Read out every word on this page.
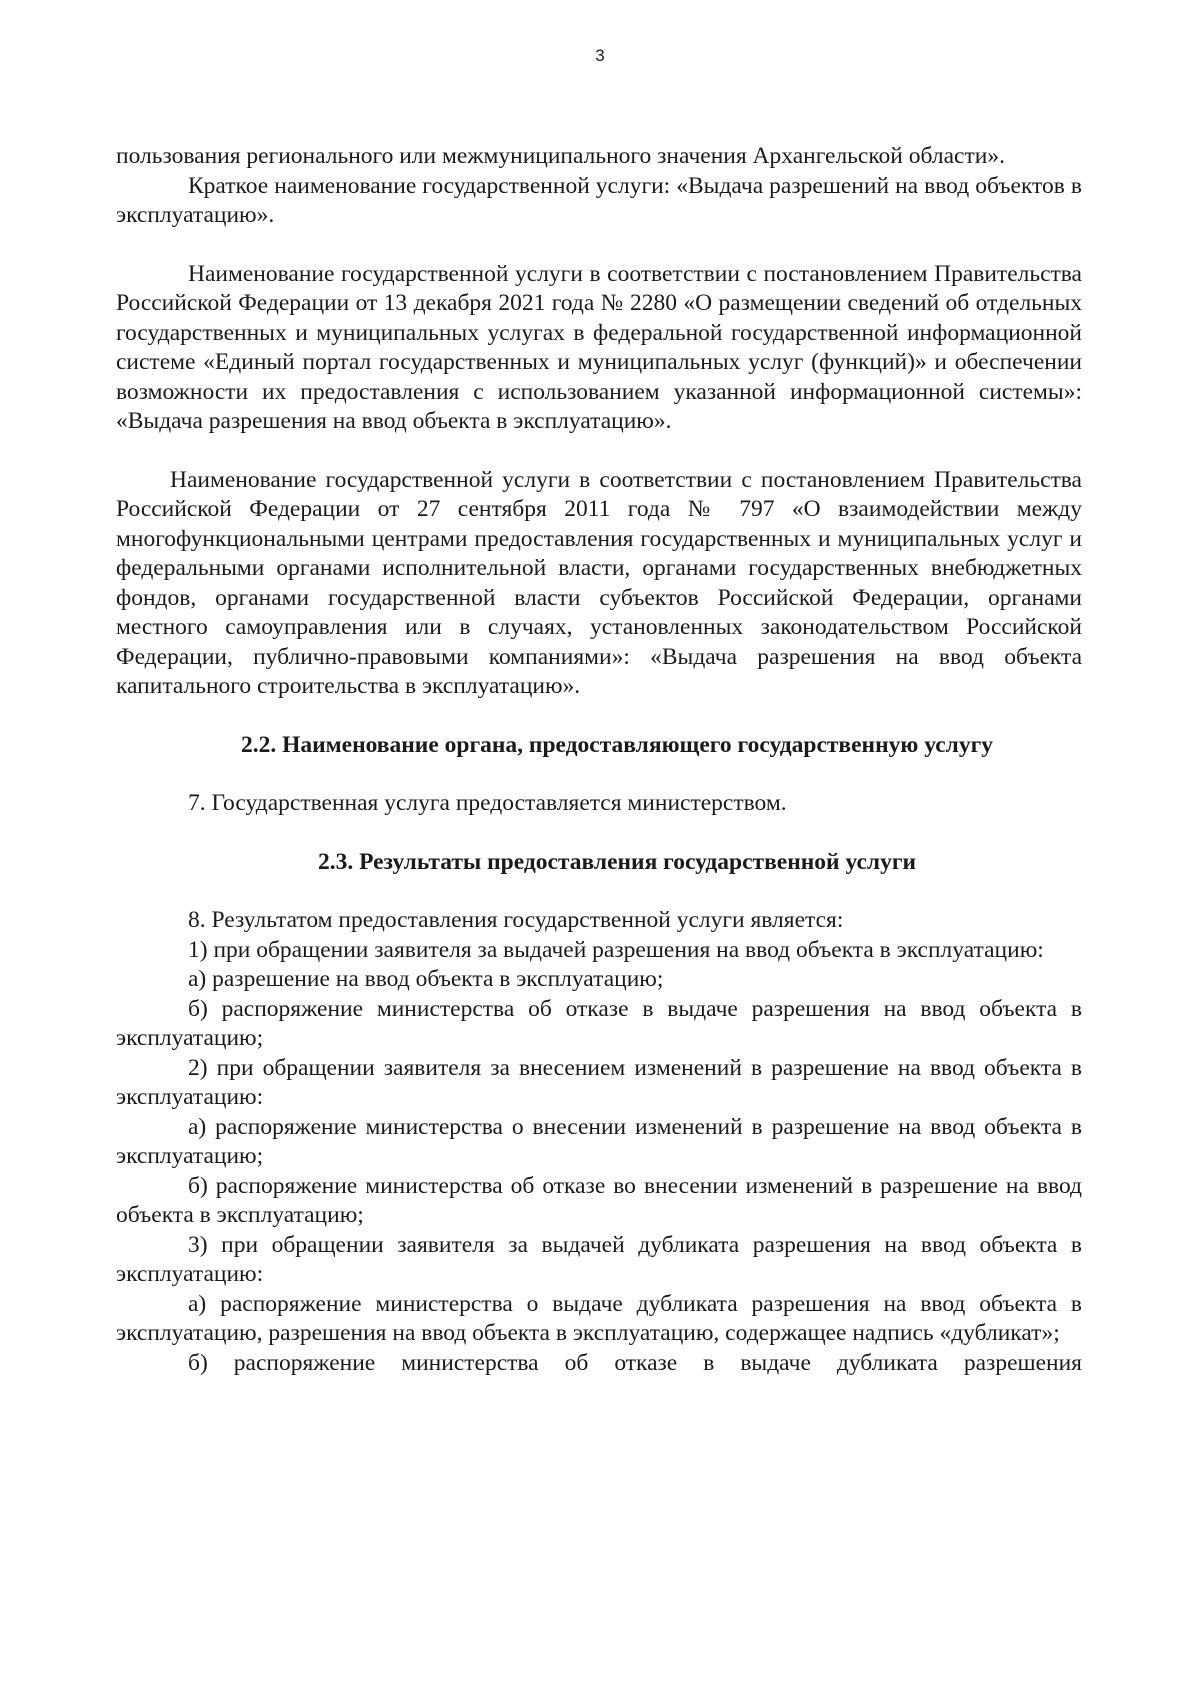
3

пользования регионального или межмуниципального значения Архангельской области».

Краткое наименование государственной услуги: «Выдача разрешений на ввод объектов в эксплуатацию».

Наименование государственной услуги в соответствии с постановлением Правительства Российской Федерации от 13 декабря 2021 года № 2280 «О размещении сведений об отдельных государственных и муниципальных услугах в федеральной государственной информационной системе «Единый портал государственных и муниципальных услуг (функций)» и обеспечении возможности их предоставления с использованием указанной информационной системы»: «Выдача разрешения на ввод объекта в эксплуатацию».

Наименование государственной услуги в соответствии с постановлением Правительства Российской Федерации от 27 сентября 2011 года № 797 «О взаимодействии между многофункциональными центрами предоставления государственных и муниципальных услуг и федеральными органами исполнительной власти, органами государственных внебюджетных фондов, органами государственной власти субъектов Российской Федерации, органами местного самоуправления или в случаях, установленных законодательством Российской Федерации, публично-правовыми компаниями»: «Выдача разрешения на ввод объекта капитального строительства в эксплуатацию».

2.2. Наименование органа, предоставляющего государственную услугу

7. Государственная услуга предоставляется министерством.

2.3. Результаты предоставления государственной услуги

8. Результатом предоставления государственной услуги является:

1) при обращении заявителя за выдачей разрешения на ввод объекта в эксплуатацию:

а) разрешение на ввод объекта в эксплуатацию;

б) распоряжение министерства об отказе в выдаче разрешения на ввод объекта в эксплуатацию;

2) при обращении заявителя за внесением изменений в разрешение на ввод объекта в эксплуатацию:

а) распоряжение министерства о внесении изменений в разрешение на ввод объекта в эксплуатацию;

б) распоряжение министерства об отказе во внесении изменений в разрешение на ввод объекта в эксплуатацию;

3) при обращении заявителя за выдачей дубликата разрешения на ввод объекта в эксплуатацию:

а) распоряжение министерства о выдаче дубликата разрешения на ввод объекта в эксплуатацию, разрешения на ввод объекта в эксплуатацию, содержащее надпись «дубликат»;

б) распоряжение министерства об отказе в выдаче дубликата разрешения
